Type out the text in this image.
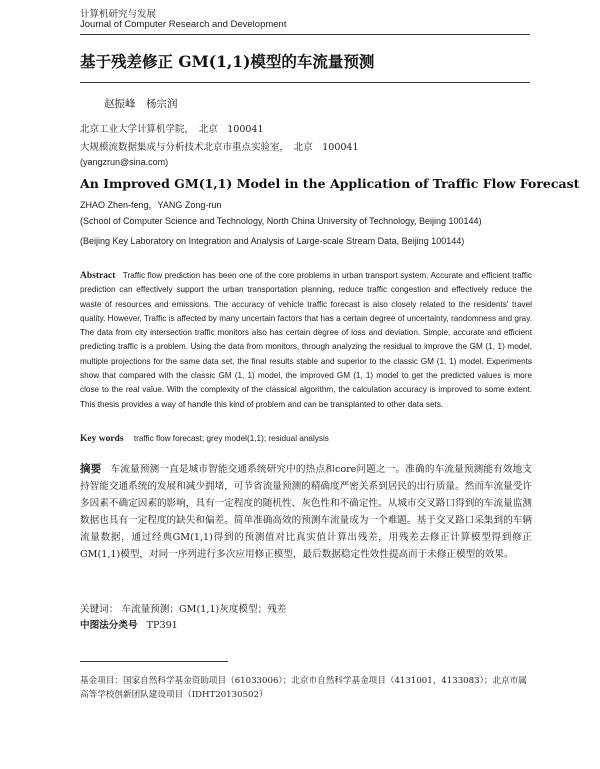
计算机研究与发展
Journal of Computer Research and Development
基于残差修正 GM(1,1)模型的车流量预测
赵振峰　杨宗润
北京工业大学计算机学院，　北京　100041
大规模流数据集成与分析技术北京市重点实验室，　北京　100041
(yangzrun@sina.com)
An Improved GM(1,1) Model in the Application of Traffic Flow Forecast
ZHAO Zhen-feng，YANG Zong-run
(School of Computer Science and Technology, North China University of Technology, Beijing 100144)
(Beijing Key Laboratory on Integration and Analysis of Large-scale Stream Data, Beijing 100144)
Abstract Traffic flow prediction has been one of the core problems in urban transport system. Accurate and efficient traffic prediction can effectively support the urban transportation planning, reduce traffic congestion and effectively reduce the waste of resources and emissions. The accuracy of vehicle traffic forecast is also closely related to the residents' travel quality. However, Traffic is affected by many uncertain factors that has a certain degree of uncertainty, randomness and gray. The data from city intersection traffic monitors also has certain degree of loss and deviation. Simple, accurate and efficient predicting traffic is a problem. Using the data from monitors, through analyzing the residual to improve the GM (1, 1) model, multiple projections for the same data set, the final results stable and superior to the classic GM (1, 1) model. Experiments show that compared with the classic GM (1, 1) model, the improved GM (1, 1) model to get the predicted values is more close to the real value. With the complexity of the classical algorithm, the calculation accuracy is improved to some extent. This thesis provides a way of handle this kind of problem and can be transplanted to other data sets.
Key words traffic flow forecast; grey model(1,1); residual analysis
摘要 车流量预测一直是城市智能交通系统研究中的热点和core问题之一。准确的车流量预测能有效地支持智能交通系统的发展和减少拥堵，可节省流量预测的精确度严密关系到居民的出行质量。然而车流量受许多因素不确定因素的影响，具有一定程度的随机性、灰色性和不确定性。从城市交叉路口得到的车流量监测数据也具有一定程度的缺失和偏差。简单准确高效的预测车流量成为一个难题。基于交叉路口采集到的车辆流量数据，通过经典GM(1,1)得到的预测值对比真实值计算出残差，用残差去修正计算模型得到修正GM(1,1)模型，对同一序列进行多次应用修正模型，最后数据稳定性效性提高而于未修正模型的效果。
关键词： 车流量预测；GM(1,1)灰度模型；残差
中图法分类号 TP391
基金项目：国家自然科学基金资助项目（61033006）；北京市自然科学基金项目（4131001，4133083）；北京市属高等学校创新团队建设项目（IDHT20130502）
